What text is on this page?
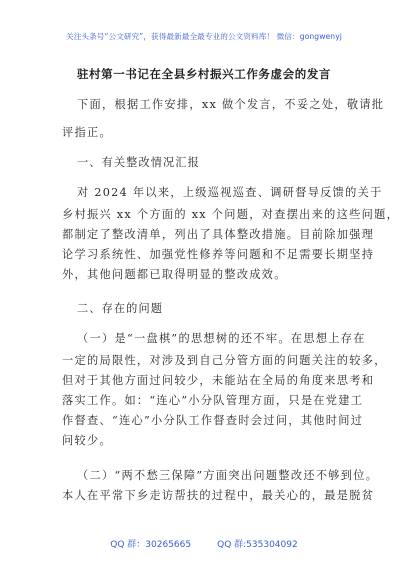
关注头条号“公文研究”，获得最新最全最专业的公文资料库！ 微信：gongwenyj
驻村第一书记在全县乡村振兴工作务虚会的发言
下面，根据工作安排，xx 做个发言，不妥之处，敬请批
评指正。
一、有关整改情况汇报
对 2024 年以来，上级巡视巡查、调研督导反馈的关于
乡村振兴 xx 个方面的 xx 个问题，对查摆出来的这些问题，
都制定了整改清单，列出了具体整改措施。目前除加强理
论学习系统性、加强党性修养等问题和不足需要长期坚持
外，其他问题都已取得明显的整改成效。
二、存在的问题
（一）是“一盘棋”的思想树的还不牢。在思想上存在
一定的局限性，对涉及到自己分管方面的问题关注的较多，
但对于其他方面过问较少，未能站在全局的角度来思考和
落实工作。如：“连心”小分队管理方面，只是在党建工
作督查、“连心”小分队工作督查时会过问，其他时间过
问较少。
（二）“两不愁三保障”方面突出问题整改还不够到位。
本人在平常下乡走访帮扶的过程中，最关心的，最是脱贫
QQ 群：30265665	QQ 群:535304092
